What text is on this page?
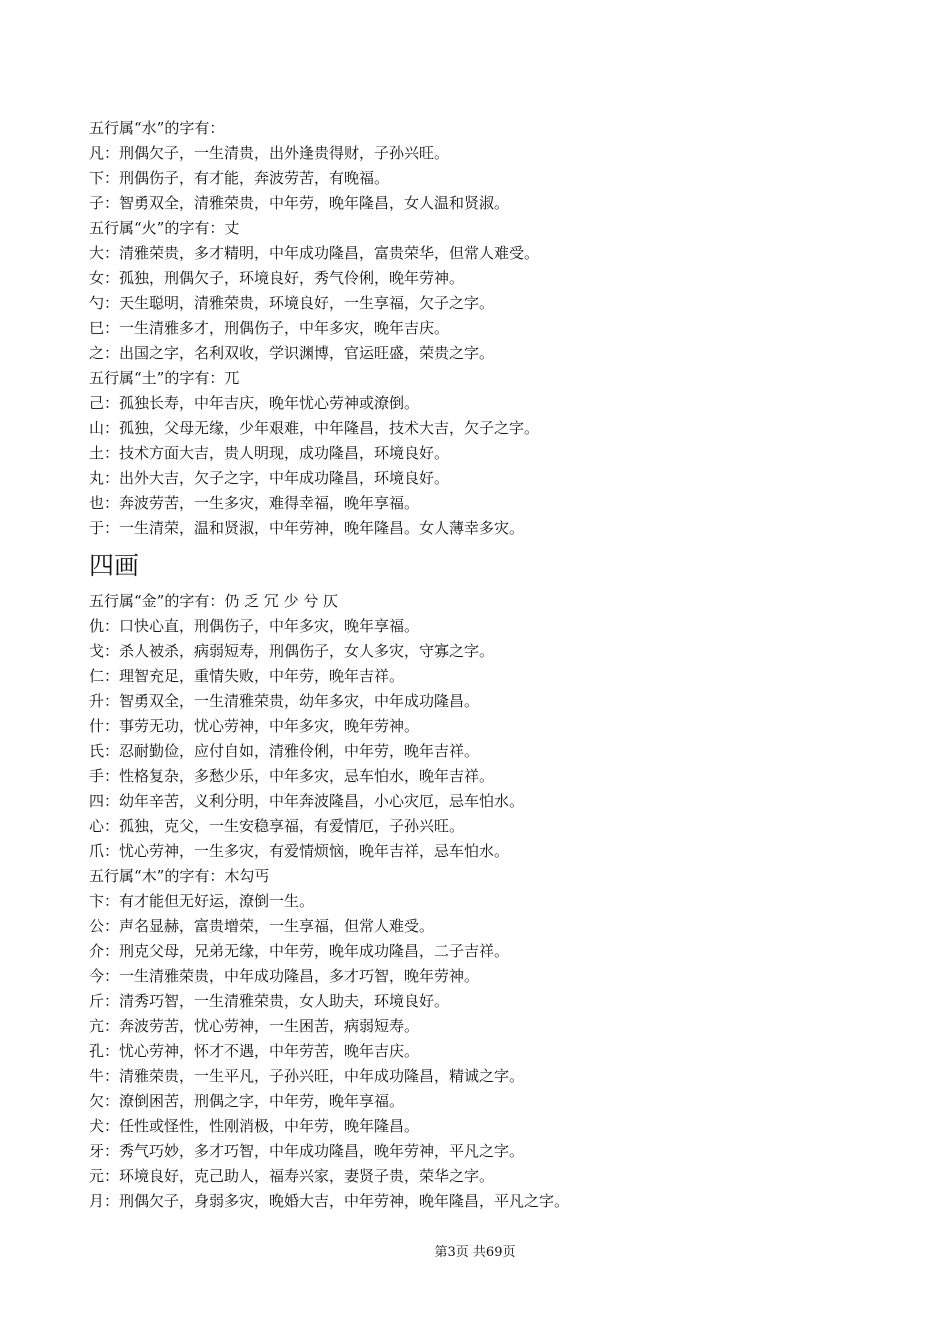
五行属“水”的字有：
凡：刑偶欠子，一生清贵，出外逢贵得财，子孙兴旺。
下：刑偶伤子，有才能，奔波劳苦，有晚福。
子：智勇双全，清雅荣贵，中年劳，晚年隆昌，女人温和贤淑。
五行属“火”的字有：丈
大：清雅荣贵，多才精明，中年成功隆昌，富贵荣华，但常人难受。
女：孤独，刑偶欠子，环境良好，秀气伶俐，晚年劳神。
勺：天生聪明，清雅荣贵，环境良好，一生享福，欠子之字。
巳：一生清雅多才，刑偶伤子，中年多灾，晚年吉庆。
之：出国之字，名利双收，学识渊博，官运旺盛，荣贵之字。
五行属“土”的字有：兀
己：孤独长寿，中年吉庆，晚年忧心劳神或潦倒。
山：孤独，父母无缘，少年艰难，中年隆昌，技术大吉，欠子之字。
土：技术方面大吉，贵人明现，成功隆昌，环境良好。
丸：出外大吉，欠子之字，中年成功隆昌，环境良好。
也：奔波劳苦，一生多灾，难得幸福，晚年享福。
于：一生清荣，温和贤淑，中年劳神，晚年隆昌。女人薄幸多灾。
四画
五行属“金”的字有：仍 乏 冗 少 兮 仄
仇：口快心直，刑偶伤子，中年多灾，晚年享福。
戈：杀人被杀，病弱短寿，刑偶伤子，女人多灾，守寡之字。
仁：理智充足，重情失败，中年劳，晚年吉祥。
升：智勇双全，一生清雅荣贵，幼年多灾，中年成功隆昌。
什：事劳无功，忧心劳神，中年多灾，晚年劳神。
氏：忍耐勤俭，应付自如，清雅伶俐，中年劳，晚年吉祥。
手：性格复杂，多愁少乐，中年多灾，忌车怕水，晚年吉祥。
四：幼年辛苦，义利分明，中年奔波隆昌，小心灾厄，忌车怕水。
心：孤独，克父，一生安稳享福，有爱情厄，子孙兴旺。
爪：忧心劳神，一生多灾，有爱情烦恼，晚年吉祥，忌车怕水。
五行属“木”的字有：木勾丐
卞：有才能但无好运，潦倒一生。
公：声名显赫，富贵增荣，一生享福，但常人难受。
介：刑克父母，兄弟无缘，中年劳，晚年成功隆昌，二子吉祥。
今：一生清雅荣贵，中年成功隆昌，多才巧智，晚年劳神。
斤：清秀巧智，一生清雅荣贵，女人助夫，环境良好。
亢：奔波劳苦，忧心劳神，一生困苦，病弱短寿。
孔：忧心劳神，怀才不遇，中年劳苦，晚年吉庆。
牛：清雅荣贵，一生平凡，子孙兴旺，中年成功隆昌，精诚之字。
欠：潦倒困苦，刑偶之字，中年劳，晚年享福。
犬：任性或怪性，性刚消极，中年劳，晚年隆昌。
牙：秀气巧妙，多才巧智，中年成功隆昌，晚年劳神，平凡之字。
元：环境良好，克己助人，福寿兴家，妻贤子贵，荣华之字。
月：刑偶欠子，身弱多灾，晚婚大吉，中年劳神，晚年隆昌，平凡之字。
第3页 共69页
